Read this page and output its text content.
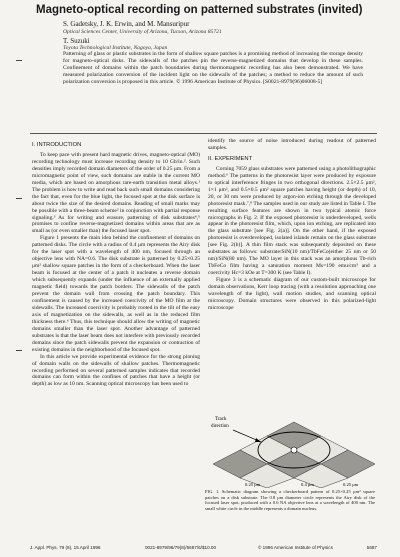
Magneto-optical recording on patterned substrates (invited)
S. Gadetsky, J. K. Erwin, and M. Mansuripur
Optical Sciences Center, University of Arizona, Tucson, Arizona 85721
T. Suzuki
Toyota Technological Institute, Nagoya, Japan
Patterning of glass or plastic substrates in the form of shallow square patches is a promising method of increasing the storage density for magneto-optical disks. The sidewalls of the patches pin the reverse-magnetized domains that develop in these samples. Confinement of domains within the patch boundaries during thermomagnetic recording has also been demonstrated. We have measured polarization conversion of the incident light on the sidewalls of the patches; a method to reduce the amount of such polarization conversion is proposed in this article. © 1996 American Institute of Physics. [S0021-8979(96)06008-5]

I. INTRODUCTION

To keep pace with present hard magnetic drives, magneto-optical (MO) recording technology must increase recording density to 10 Gb/in.². Such densities imply recorded domain diameters of the order of 0.25 μm. From a micromagnetic point of view, such domains are stable in the current MO media, which are based on amorphous rare-earth transition metal alloys.¹ The problem is how to write and read back such small domains considering the fact that, even for the blue light, the focused spot at the disk surface is about twice the size of the desired domains. Reading of small marks may be possible with a three-beam scheme² in conjunction with partial response signaling.³ As for writing and erasure, patterning of disk substrates⁴,⁵ promises to confine reverse-magnetized domains within areas that are as small as (or even smaller than) the focused laser spot.

Figure 1 presents the main idea behind the confinement of domains on patterned disks. The circle with a radius of 0.4 μm represents the Airy disk for the laser spot with a wavelength of 400 nm, focused through an objective lens with NA=0.6. The disk substrate is patterned by 0.25×0.25 μm² shallow square patches in the form of a checkerboard. When the laser beam is focused at the center of a patch it nucleates a reverse domain which subsequently expands (under the influence of an externally applied magnetic field) towards the patch borders. The sidewalls of the patch prevent the domain wall from crossing the patch boundary. This confinement is caused by the increased coercivity of the MO film at the sidewalls. The increased coercivity is probably rooted in the tilt of the easy axis of magnetization on the sidewalls, as well as in the reduced film thickness there.⁶ Thus, this technique should allow the writing of magnetic domains smaller than the laser spot. Another advantage of patterned substrates is that the laser beam does not interfere with previously recorded domains since the patch sidewalls prevent the expansion or contraction of existing domains in the neighborhood of the focused spot.

In this article we provide experimental evidence for the strong pinning of domain walls on the sidewalls of shallow patches. Thermomagnetic recording performed on several patterned samples indicates that recorded domains can form within the confines of patches that have a height (or depth) as low as 10 nm. Scanning optical microscopy has been used to

identify the source of noise introduced during readout of patterned samples.

II. EXPERIMENT

Corning 7059 glass substrates were patterned using a photolithographic method.⁶ The patterns in the photoresist layer were produced by exposure to optical interference fringes in two orthogonal directions. 2.5×2.5 μm², 1×1 μm², and 0.5×0.5 μm² square patches having height (or depth) of 10, 20, or 30 nm were produced by argon-ion etching through the developed photoresist mask.⁷,⁸ The samples used in our study are listed in Table I. The resulting surface features are shown in two typical atomic force micrographs in Fig. 2. If the exposed photoresist is underdeveloped, wells appear in the photoresist film, which, upon ion etching, are replicated into the glass substrate [see Fig. 2(a)]. On the other hand, if the exposed photoresist is overdeveloped, isolated islands remain on the glass substrate [see Fig. 2(b)]. A thin film stack was subsequently deposited on these substrates as follows: substrate/SiN(10 nm)/TbFeCo(either 25 nm or 50 nm)/SiN(80 nm). The MO layer in this stack was an amorphous Tb-rich TbFeCo film having a saturation moment Ms=190 emu/cm³ and a coercivity Hc=3 kOe at T=300 K (see Table I).

Figure 3 is a schematic diagram of our custom-built microscope for domain observations, Kerr loop tracing (with a resolution approaching one wavelength of the light), wall motion studies, and scanning optical microscopy. Domain structures were observed in this polarized-light microscope

Track
direction
0.25 μm	0.25 μm
0.4 μm
FIG. 1. Schematic diagram showing a checkerboard pattern of 0.25×0.25 μm² square patches on a disk substrate. The 0.8 μm diameter circle represents the Airy disk of the focused laser spot, produced with a 0.6 NA objective lens at a wavelength of 400 nm. The small white circle in the middle represents a domain nucleus.
J. Appl. Phys. 79 (8), 15 April 1996	0021-8979/96/79(8)/5687/6/$10.00	© 1996 American Institute of Physics	5687
